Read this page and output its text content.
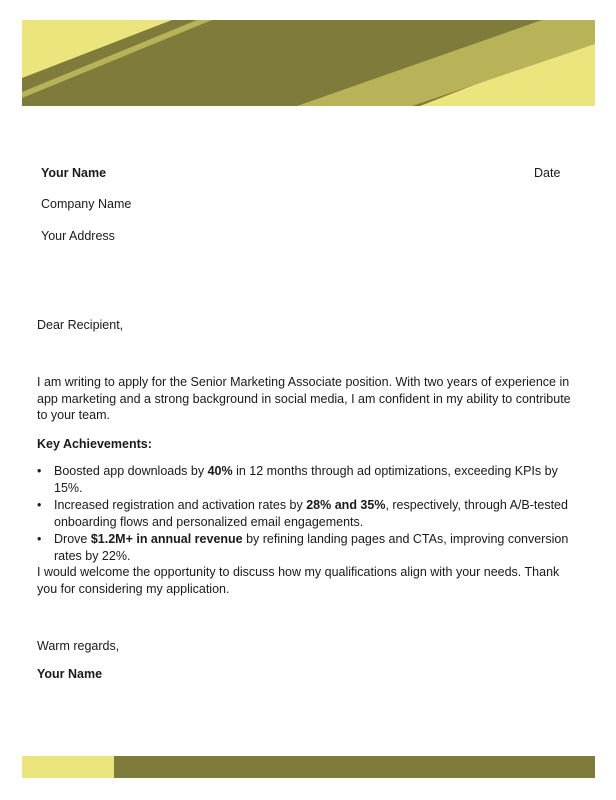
Your Name	Date
Company Name
Your Address
Dear Recipient,
I am writing to apply for the Senior Marketing Associate position. With two years of experience in app marketing and a strong background in social media, I am confident in my ability to contribute to your team.
Key Achievements:
• Boosted app downloads by 40% in 12 months through ad optimizations, exceeding KPIs by 15%.
• Increased registration and activation rates by 28% and 35%, respectively, through A/B-tested onboarding flows and personalized email engagements.
• Drove $1.2M+ in annual revenue by refining landing pages and CTAs, improving conversion rates by 22%.
I would welcome the opportunity to discuss how my qualifications align with your needs. Thank you for considering my application.
Warm regards,
Your Name
